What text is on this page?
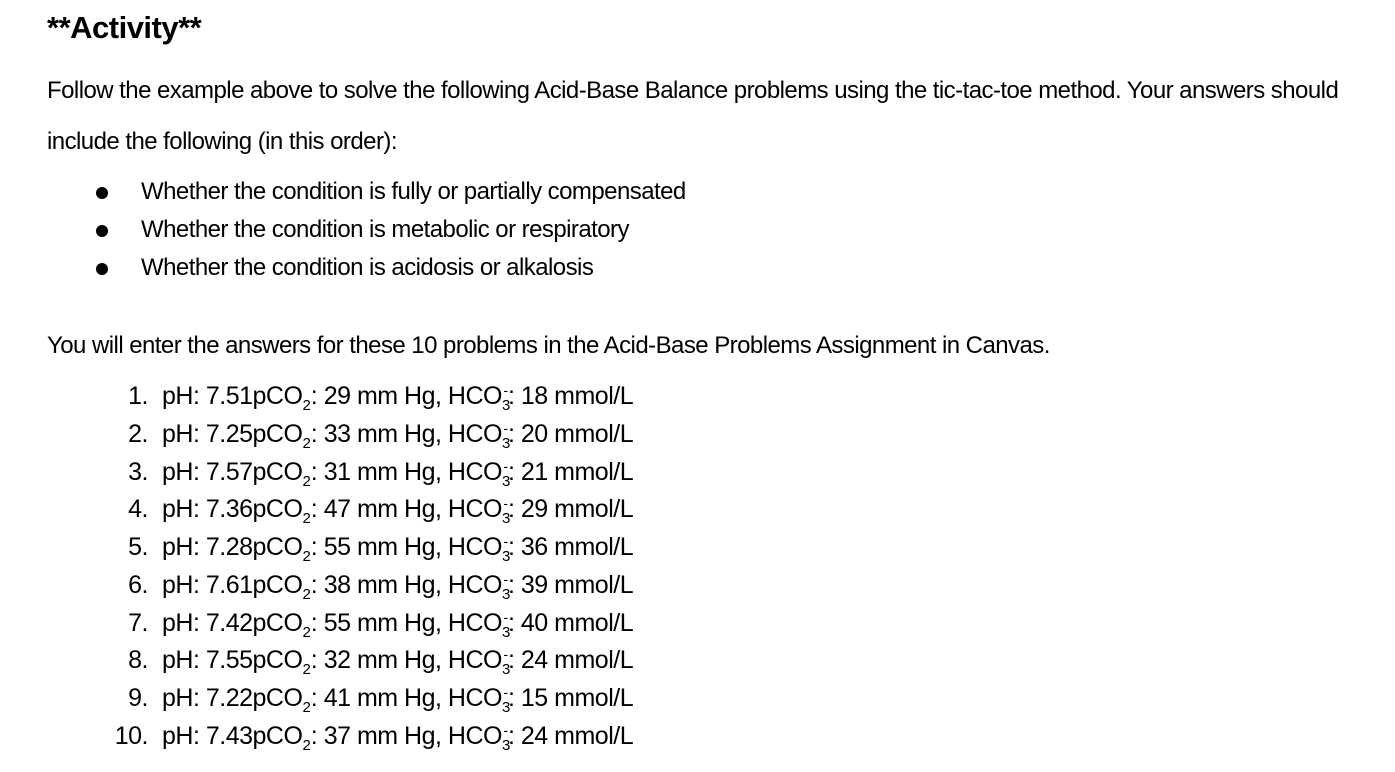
**Activity**
Follow the example above to solve the following Acid-Base Balance problems using the tic-tac-toe method. Your answers should
include the following (in this order):
Whether the condition is fully or partially compensated
Whether the condition is metabolic or respiratory
Whether the condition is acidosis or alkalosis
You will enter the answers for these 10 problems in the Acid-Base Problems Assignment in Canvas.
1. pH: 7.51pCO$_2$: 29 mm Hg, $HCO_3^-$: 18 mmol/L
2. pH: 7.25pCO$_2$: 33 mm Hg, $HCO_3^-$: 20 mmol/L
3. pH: 7.57pCO$_2$: 31 mm Hg, $HCO_3^-$: 21 mmol/L
4. pH: 7.36pCO$_2$: 47 mm Hg, $HCO_3^-$: 29 mmol/L
5. pH: 7.28pCO$_2$: 55 mm Hg, $HCO_3^-$: 36 mmol/L
6. pH: 7.61pCO$_2$: 38 mm Hg, $HCO_3^-$: 39 mmol/L
7. pH: 7.42pCO$_2$: 55 mm Hg, $HCO_3^-$: 40 mmol/L
8. pH: 7.55pCO$_2$: 32 mm Hg, $HCO_3^-$: 24 mmol/L
9. pH: 7.22pCO$_2$: 41 mm Hg, $HCO_3^-$: 15 mmol/L
10. pH: 7.43pCO$_2$: 37 mm Hg, $HCO_3^-$: 24 mmol/L
